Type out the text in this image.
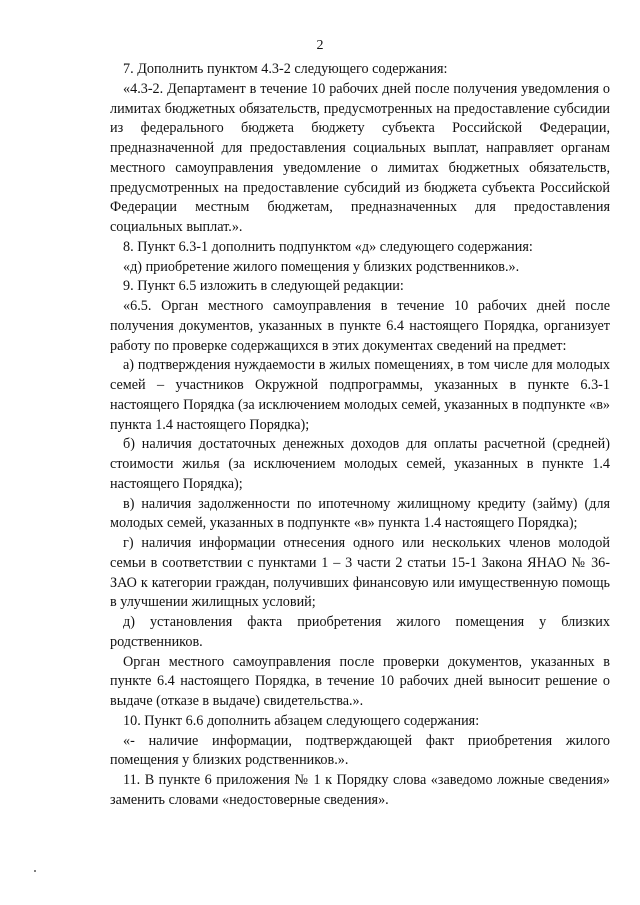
2

7. Дополнить пунктом 4.3-2 следующего содержания:

«4.3-2. Департамент в течение 10 рабочих дней после получения уведомления о лимитах бюджетных обязательств, предусмотренных на предоставление субсидии из федерального бюджета бюджету субъекта Российской Федерации, предназначенной для предоставления социальных выплат, направляет органам местного самоуправления уведомление о лимитах бюджетных обязательств, предусмотренных на предоставление субсидий из бюджета субъекта Российской Федерации местным бюджетам, предназначенных для предоставления социальных выплат.».

8. Пункт 6.3-1 дополнить подпунктом «д» следующего содержания:

«д) приобретение жилого помещения у близких родственников.».

9. Пункт 6.5 изложить в следующей редакции:

«6.5. Орган местного самоуправления в течение 10 рабочих дней после получения документов, указанных в пункте 6.4 настоящего Порядка, организует работу по проверке содержащихся в этих документах сведений на предмет:

а) подтверждения нуждаемости в жилых помещениях, в том числе для молодых семей – участников Окружной подпрограммы, указанных в пункте 6.3-1 настоящего Порядка (за исключением молодых семей, указанных в подпункте «в» пункта 1.4 настоящего Порядка);

б) наличия достаточных денежных доходов для оплаты расчетной (средней) стоимости жилья (за исключением молодых семей, указанных в пункте 1.4 настоящего Порядка);

в) наличия задолженности по ипотечному жилищному кредиту (займу) (для молодых семей, указанных в подпункте «в» пункта 1.4 настоящего Порядка);

г) наличия информации отнесения одного или нескольких членов молодой семьи в соответствии с пунктами 1 – 3 части 2 статьи 15-1 Закона ЯНАО № 36-ЗАО к категории граждан, получивших финансовую или имущественную помощь в улучшении жилищных условий;

д) установления факта приобретения жилого помещения у близких родственников.

Орган местного самоуправления после проверки документов, указанных в пункте 6.4 настоящего Порядка, в течение 10 рабочих дней выносит решение о выдаче (отказе в выдаче) свидетельства.».

10. Пункт 6.6 дополнить абзацем следующего содержания:

«- наличие информации, подтверждающей факт приобретения жилого помещения у близких родственников.».

11. В пункте 6 приложения № 1 к Порядку слова «заведомо ложные сведения» заменить словами «недостоверные сведения».
